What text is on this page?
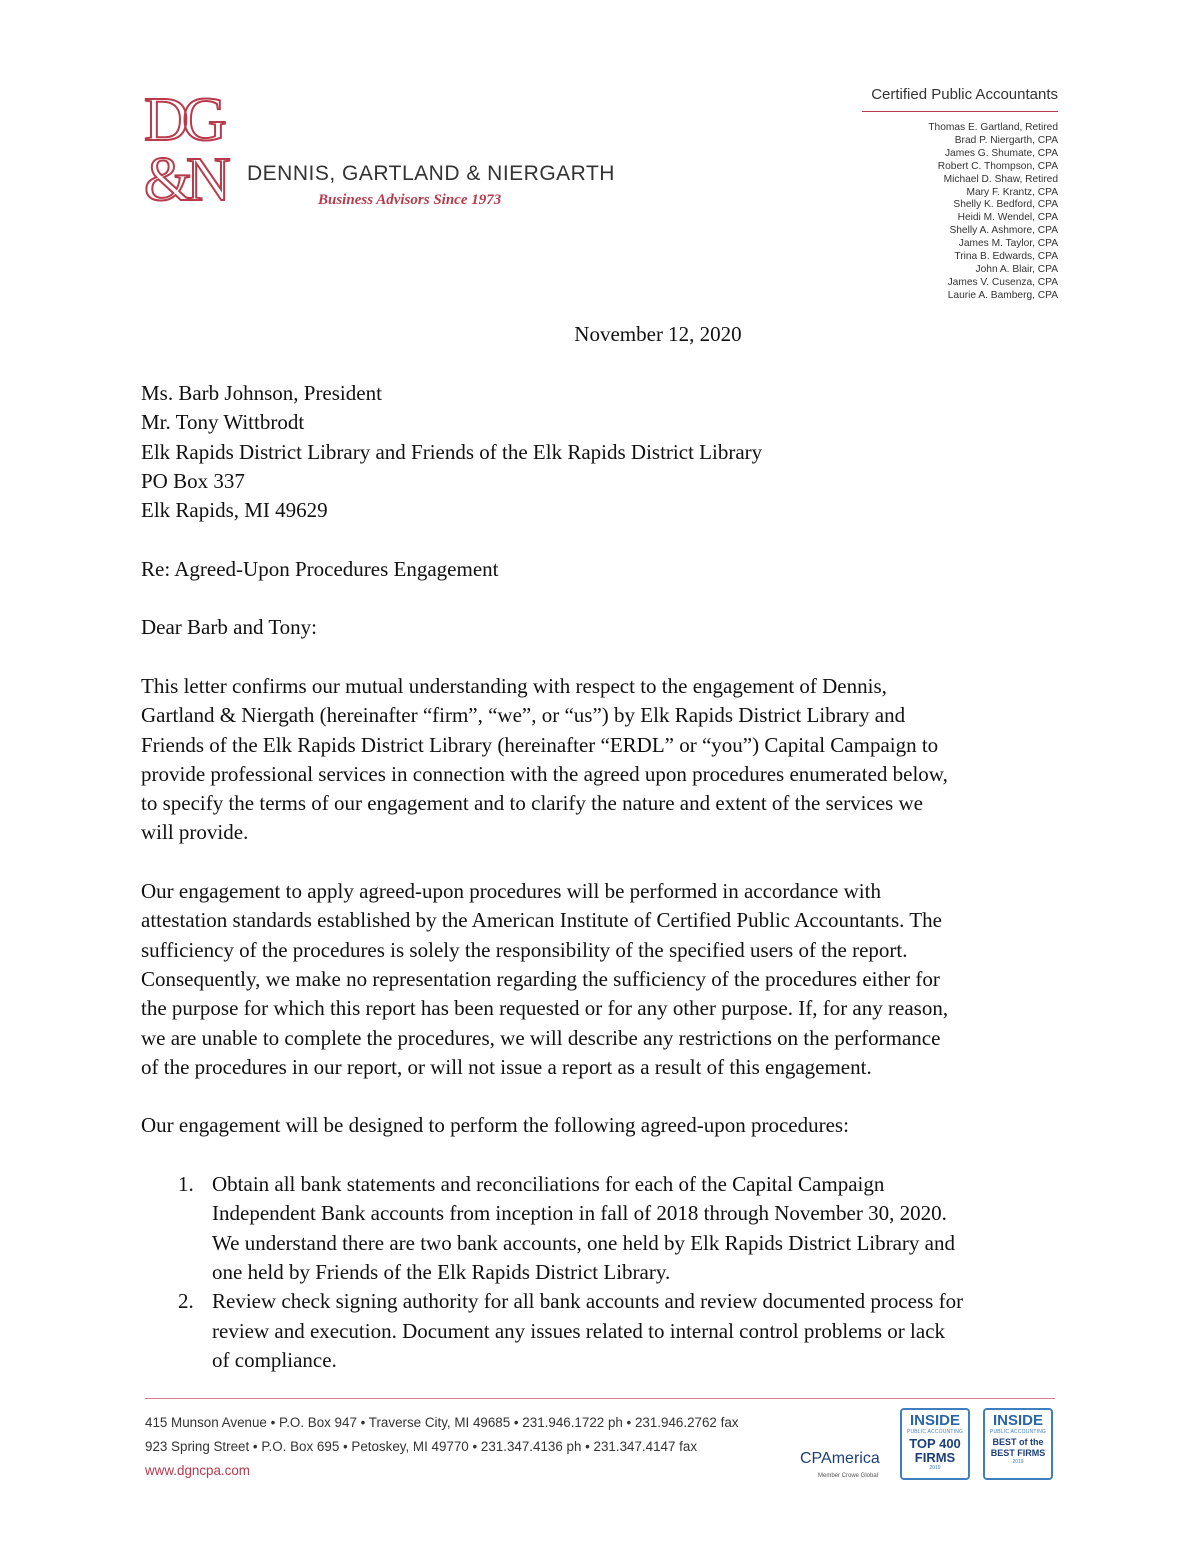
D
G
&
N DENNIS, GARTLAND & NIERGARTH
Business Advisors Since 1973
Certified Public Accountants
Thomas E. Gartland, Retired
Brad P. Niergarth, CPA
James G. Shumate, CPA
Robert C. Thompson, CPA
Michael D. Shaw, Retired
Mary F. Krantz, CPA
Shelly K. Bedford, CPA
Heidi M. Wendel, CPA
Shelly A. Ashmore, CPA
James M. Taylor, CPA
Trina B. Edwards, CPA
John A. Blair, CPA
James V. Cusenza, CPA
Laurie A. Bamberg, CPA
November 12, 2020

Ms. Barb Johnson, President

Mr. Tony Wittbrodt

Elk Rapids District Library and Friends of the Elk Rapids District Library

PO Box 337

Elk Rapids, MI 49629

Re: Agreed-Upon Procedures Engagement

Dear Barb and Tony:

This letter confirms our mutual understanding with respect to the engagement of Dennis,

Gartland & Niergath (hereinafter “firm”, “we”, or “us”) by Elk Rapids District Library and

Friends of the Elk Rapids District Library (hereinafter “ERDL” or “you”) Capital Campaign to

provide professional services in connection with the agreed upon procedures enumerated below,

to specify the terms of our engagement and to clarify the nature and extent of the services we

will provide.

Our engagement to apply agreed-upon procedures will be performed in accordance with

attestation standards established by the American Institute of Certified Public Accountants. The

sufficiency of the procedures is solely the responsibility of the specified users of the report.

Consequently, we make no representation regarding the sufficiency of the procedures either for

the purpose for which this report has been requested or for any other purpose. If, for any reason,

we are unable to complete the procedures, we will describe any restrictions on the performance

of the procedures in our report, or will not issue a report as a result of this engagement.

Our engagement will be designed to perform the following agreed-upon procedures:

1. Obtain all bank statements and reconciliations for each of the Capital Campaign

Independent Bank accounts from inception in fall of 2018 through November 30, 2020.

We understand there are two bank accounts, one held by Elk Rapids District Library and

one held by Friends of the Elk Rapids District Library.

2. Review check signing authority for all bank accounts and review documented process for

review and execution. Document any issues related to internal control problems or lack

of compliance.

415 Munson Avenue • P.O. Box 947 • Traverse City, MI 49685 • 231.946.1722 ph • 231.946.2762 fax
923 Spring Street • P.O. Box 695 • Petoskey, MI 49770 • 231.347.4136 ph • 231.347.4147 fax
www.dgncpa.com
CPAmerica
Member Crowe Global
INSIDE
PUBLIC ACCOUNTING
TOP 400 FIRMS
2019
INSIDE
PUBLIC ACCOUNTING
BEST of the BEST FIRMS
2019
